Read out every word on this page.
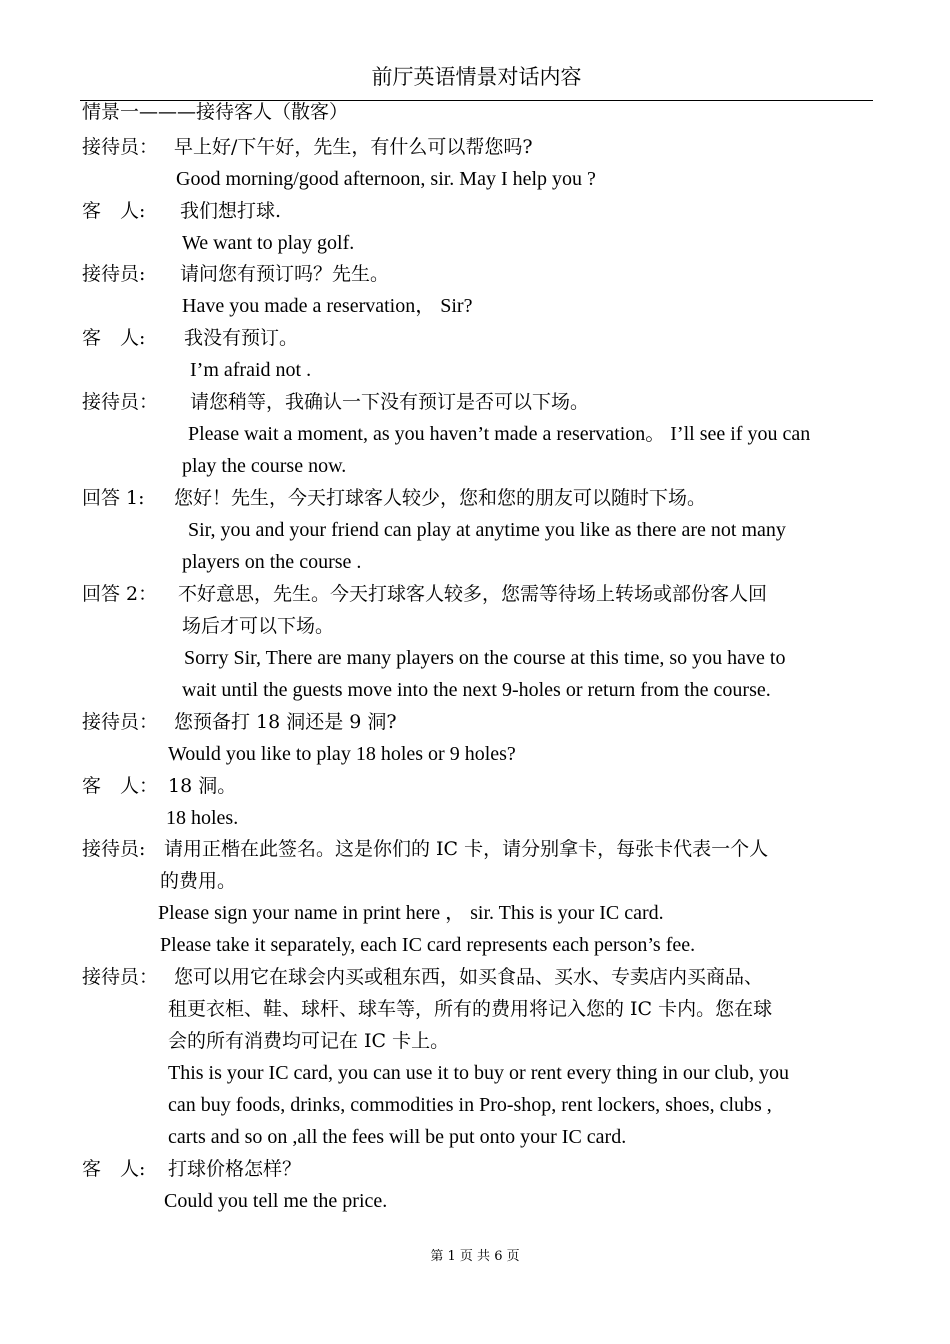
前厅英语情景对话内容
情景一———接待客人（散客）
接待员： 早上好/下午好，先生，有什么可以帮您吗?
Good morning/good afternoon, sir. May I help you ?
客　人: 我们想打球.
We want to play golf.
接待员: 请问您有预订吗？先生。
Have you made a reservation， Sir?
客　人: 我没有预订。
I’m afraid not .
接待员： 请您稍等，我确认一下没有预订是否可以下场。
Please wait a moment, as you haven’t made a reservation。 I’ll see if you can
play the course now.
回答 1: 您好！先生，今天打球客人较少，您和您的朋友可以随时下场。
Sir, you and your friend can play at anytime you like as there are not many
players on the course .
回答 2： 不好意思，先生。今天打球客人较多，您需等待场上转场或部份客人回
场后才可以下场。
Sorry Sir, There are many players on the course at this time, so you have to
wait until the guests move into the next 9-holes or return from the course.
接待员： 您预备打 18 洞还是 9 洞?
Would you like to play 18 holes or 9 holes?
客　人： 18 洞。
18 holes.
接待员: 请用正楷在此签名。这是你们的 IC 卡，请分别拿卡，每张卡代表一个人
的费用。
Please sign your name in print here ， sir. This is your IC card.
Please take it separately, each IC card represents each person’s fee.
接待员： 您可以用它在球会内买或租东西，如买食品、买水、专卖店内买商品、
租更衣柜、鞋、球杆、球车等，所有的费用将记入您的 IC 卡内。您在球
会的所有消费均可记在 IC 卡上。
This is your IC card, you can use it to buy or rent every thing in our club, you
can buy foods, drinks, commodities in Pro-shop, rent lockers, shoes, clubs ,
carts and so on ,all the fees will be put onto your IC card.
客　人: 打球价格怎样？
Could you tell me the price.
第 1 页 共 6 页
